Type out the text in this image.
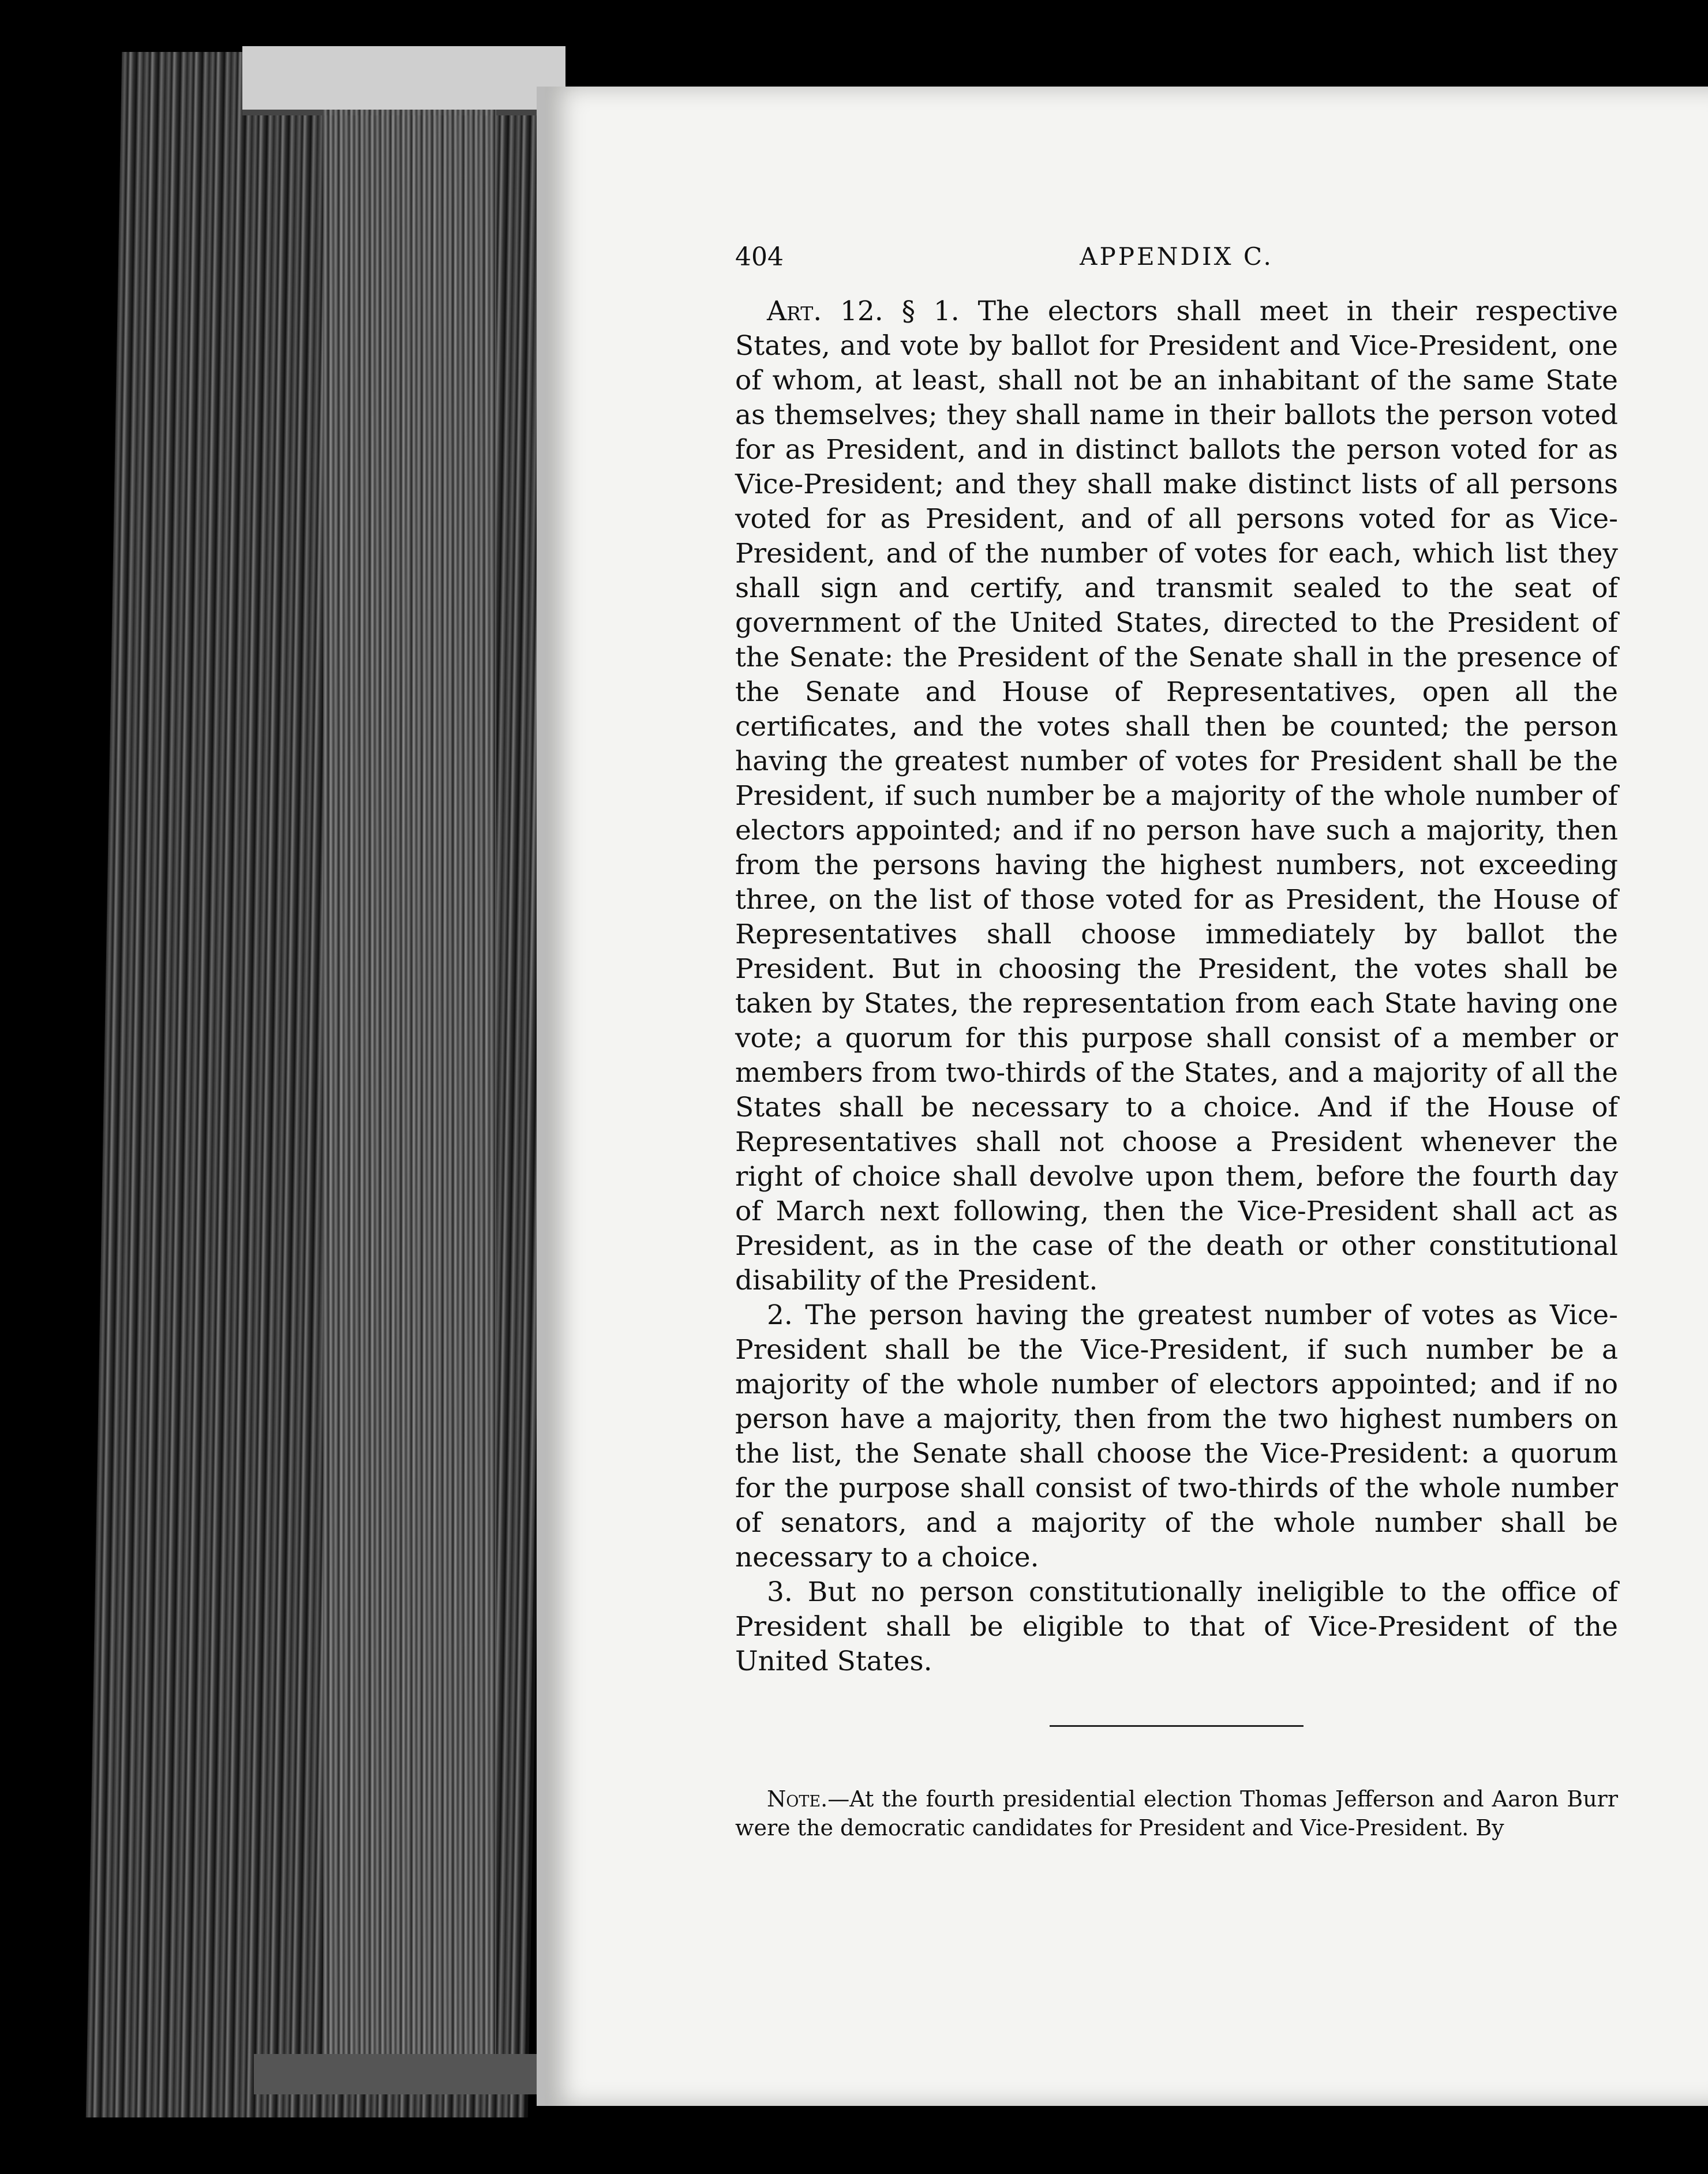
404	APPENDIX C.

Art. 12. § 1. The electors shall meet in their respective States, and vote by ballot for President and Vice-President, one of whom, at least, shall not be an inhabitant of the same State as themselves; they shall name in their ballots the person voted for as President, and in distinct ballots the person voted for as Vice-President; and they shall make distinct lists of all persons voted for as President, and of all persons voted for as Vice-President, and of the number of votes for each, which list they shall sign and certify, and transmit sealed to the seat of government of the United States, directed to the President of the Senate: the President of the Senate shall in the presence of the Senate and House of Representatives, open all the certificates, and the votes shall then be counted; the person having the greatest number of votes for President shall be the President, if such number be a majority of the whole number of electors appointed; and if no person have such a majority, then from the persons having the highest numbers, not exceeding three, on the list of those voted for as President, the House of Representatives shall choose immediately by ballot the President. But in choosing the President, the votes shall be taken by States, the representation from each State having one vote; a quorum for this purpose shall consist of a member or members from two-thirds of the States, and a majority of all the States shall be necessary to a choice. And if the House of Representatives shall not choose a President whenever the right of choice shall devolve upon them, before the fourth day of March next following, then the Vice-President shall act as President, as in the case of the death or other constitutional disability of the President.

2. The person having the greatest number of votes as Vice-President shall be the Vice-President, if such number be a majority of the whole number of electors appointed; and if no person have a majority, then from the two highest numbers on the list, the Senate shall choose the Vice-President: a quorum for the purpose shall consist of two-thirds of the whole number of senators, and a majority of the whole number shall be necessary to a choice.

3. But no person constitutionally ineligible to the office of President shall be eligible to that of Vice-President of the United States.

Note.—At the fourth presidential election Thomas Jefferson and Aaron Burr were the democratic candidates for President and Vice-President. By
